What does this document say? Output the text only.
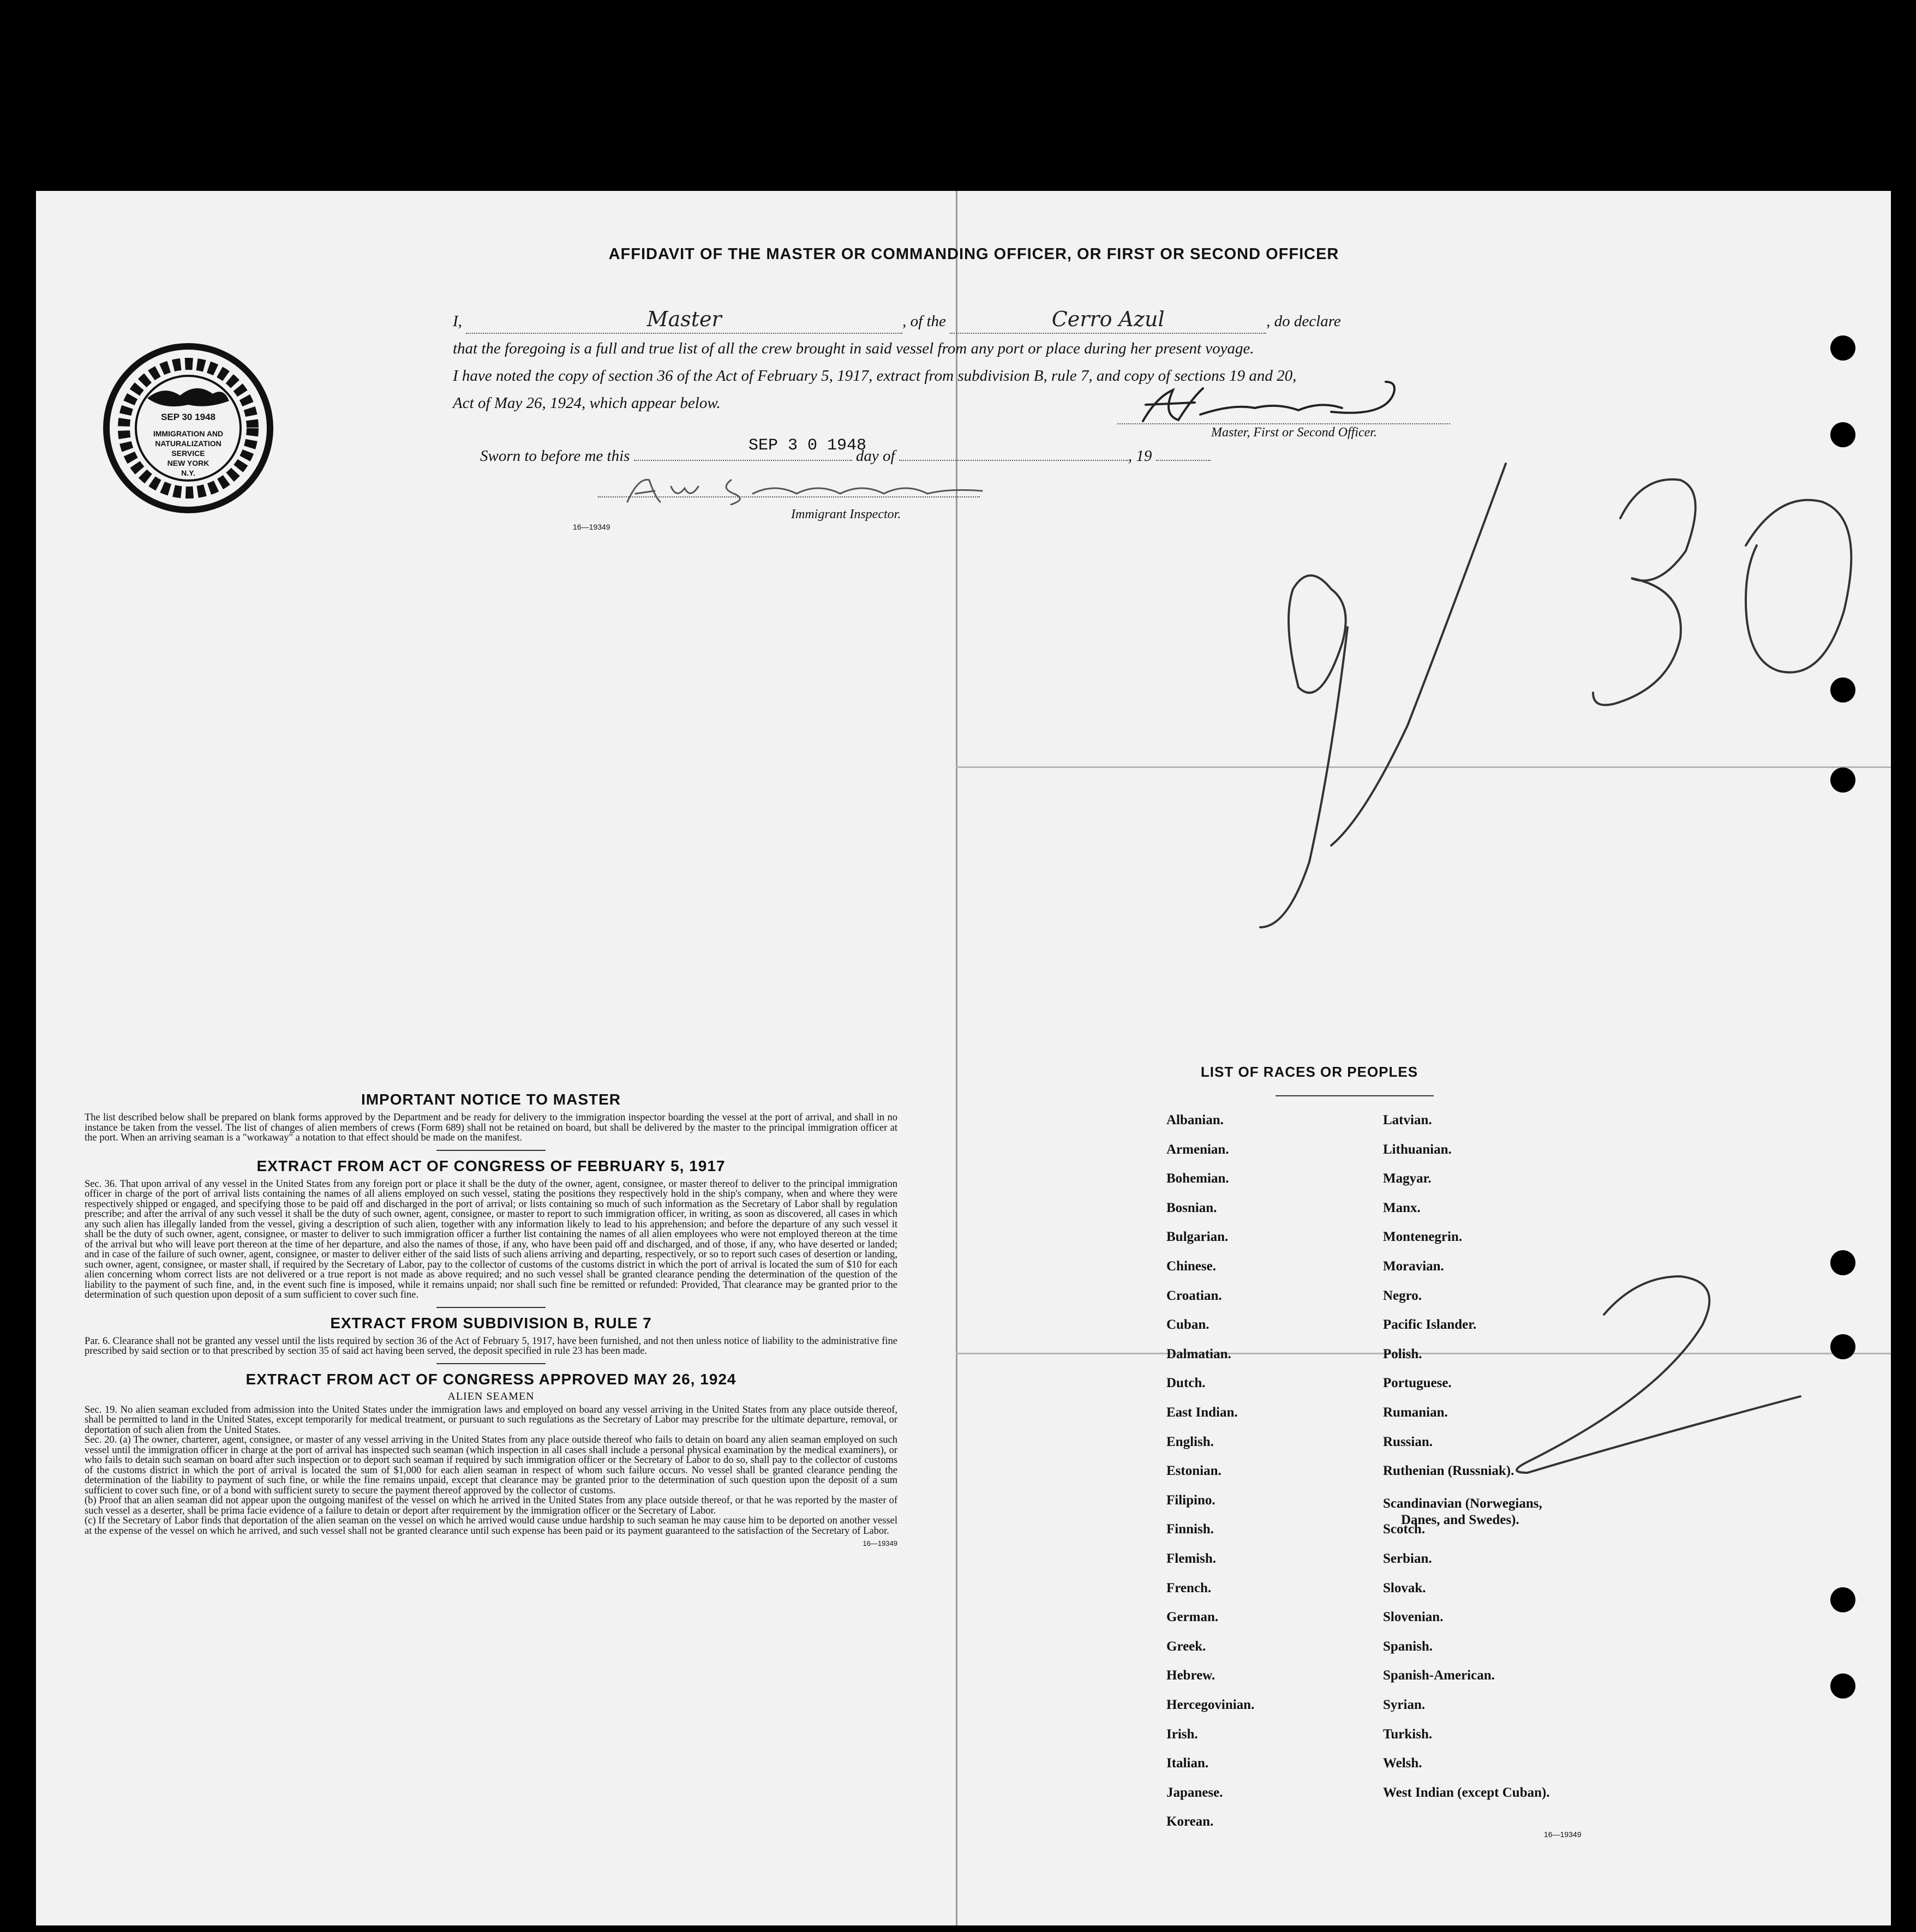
AFFIDAVIT OF THE MASTER OR COMMANDING OFFICER, OR FIRST OR SECOND OFFICER
I,	Master	, of the	Cerro Azul	, do declare
that the foregoing is a full and true list of all the crew brought in said vessel from any port or place during her present voyage.
I have noted the copy of section 36 of the Act of February 5, 1917, extract from subdivision B, rule 7, and copy of sections 19 and 20,
Act of May 26, 1924, which appear below.
Master, First or Second Officer.
Sworn to before me this	day of	, 19
SEP 3 0 1948
Immigrant Inspector.
16—19349
SEP 30 1948
IMMIGRATION AND
NATURALIZATION
SERVICE
NEW YORK
N.Y.
IMPORTANT NOTICE TO MASTER

The list described below shall be prepared on blank forms approved by the Department and be ready for delivery to the immigration inspector boarding the vessel at the port of arrival, and shall in no instance be taken from the vessel. The list of changes of alien members of crews (Form 689) shall not be retained on board, but shall be delivered by the master to the principal immigration officer at the port. When an arriving seaman is a "workaway" a notation to that effect should be made on the manifest.

EXTRACT FROM ACT OF CONGRESS OF FEBRUARY 5, 1917

Sec. 36. That upon arrival of any vessel in the United States from any foreign port or place it shall be the duty of the owner, agent, consignee, or master thereof to deliver to the principal immigration officer in charge of the port of arrival lists containing the names of all aliens employed on such vessel, stating the positions they respectively hold in the ship's company, when and where they were respectively shipped or engaged, and specifying those to be paid off and discharged in the port of arrival; or lists containing so much of such information as the Secretary of Labor shall by regulation prescribe; and after the arrival of any such vessel it shall be the duty of such owner, agent, consignee, or master to report to such immigration officer, in writing, as soon as discovered, all cases in which any such alien has illegally landed from the vessel, giving a description of such alien, together with any information likely to lead to his apprehension; and before the departure of any such vessel it shall be the duty of such owner, agent, consignee, or master to deliver to such immigration officer a further list containing the names of all alien employees who were not employed thereon at the time of the arrival but who will leave port thereon at the time of her departure, and also the names of those, if any, who have been paid off and discharged, and of those, if any, who have deserted or landed; and in case of the failure of such owner, agent, consignee, or master to deliver either of the said lists of such aliens arriving and departing, respectively, or so to report such cases of desertion or landing, such owner, agent, consignee, or master shall, if required by the Secretary of Labor, pay to the collector of customs of the customs district in which the port of arrival is located the sum of $10 for each alien concerning whom correct lists are not delivered or a true report is not made as above required; and no such vessel shall be granted clearance pending the determination of the question of the liability to the payment of such fine, and, in the event such fine is imposed, while it remains unpaid; nor shall such fine be remitted or refunded: Provided, That clearance may be granted prior to the determination of such question upon deposit of a sum sufficient to cover such fine.

EXTRACT FROM SUBDIVISION B, RULE 7

Par. 6. Clearance shall not be granted any vessel until the lists required by section 36 of the Act of February 5, 1917, have been furnished, and not then unless notice of liability to the administrative fine prescribed by said section or to that prescribed by section 35 of said act having been served, the deposit specified in rule 23 has been made.

EXTRACT FROM ACT OF CONGRESS APPROVED MAY 26, 1924
ALIEN SEAMEN

Sec. 19. No alien seaman excluded from admission into the United States under the immigration laws and employed on board any vessel arriving in the United States from any place outside thereof, shall be permitted to land in the United States, except temporarily for medical treatment, or pursuant to such regulations as the Secretary of Labor may prescribe for the ultimate departure, removal, or deportation of such alien from the United States.

Sec. 20. (a) The owner, charterer, agent, consignee, or master of any vessel arriving in the United States from any place outside thereof who fails to detain on board any alien seaman employed on such vessel until the immigration officer in charge at the port of arrival has inspected such seaman (which inspection in all cases shall include a personal physical examination by the medical examiners), or who fails to detain such seaman on board after such inspection or to deport such seaman if required by such immigration officer or the Secretary of Labor to do so, shall pay to the collector of customs of the customs district in which the port of arrival is located the sum of $1,000 for each alien seaman in respect of whom such failure occurs. No vessel shall be granted clearance pending the determination of the liability to payment of such fine, or while the fine remains unpaid, except that clearance may be granted prior to the determination of such question upon the deposit of a sum sufficient to cover such fine, or of a bond with sufficient surety to secure the payment thereof approved by the collector of customs.

(b) Proof that an alien seaman did not appear upon the outgoing manifest of the vessel on which he arrived in the United States from any place outside thereof, or that he was reported by the master of such vessel as a deserter, shall be prima facie evidence of a failure to detain or deport after requirement by the immigration officer or the Secretary of Labor.

(c) If the Secretary of Labor finds that deportation of the alien seaman on the vessel on which he arrived would cause undue hardship to such seaman he may cause him to be deported on another vessel at the expense of the vessel on which he arrived, and such vessel shall not be granted clearance until such expense has been paid or its payment guaranteed to the satisfaction of the Secretary of Labor.

16—19349
LIST OF RACES OR PEOPLES
Albanian.
Armenian.
Bohemian.
Bosnian.
Bulgarian.
Chinese.
Croatian.
Cuban.
Dalmatian.
Dutch.
East Indian.
English.
Estonian.
Filipino.
Finnish.
Flemish.
French.
German.
Greek.
Hebrew.
Hercegovinian.
Irish.
Italian.
Japanese.
Korean.
Latvian.
Lithuanian.
Magyar.
Manx.
Montenegrin.
Moravian.
Negro.
Pacific Islander.
Polish.
Portuguese.
Rumanian.
Russian.
Ruthenian (Russniak).
Scandinavian (Norwegians,
Danes, and Swedes).
Scotch.
Serbian.
Slovak.
Slovenian.
Spanish.
Spanish-American.
Syrian.
Turkish.
Welsh.
West Indian (except Cuban).
16—19349
